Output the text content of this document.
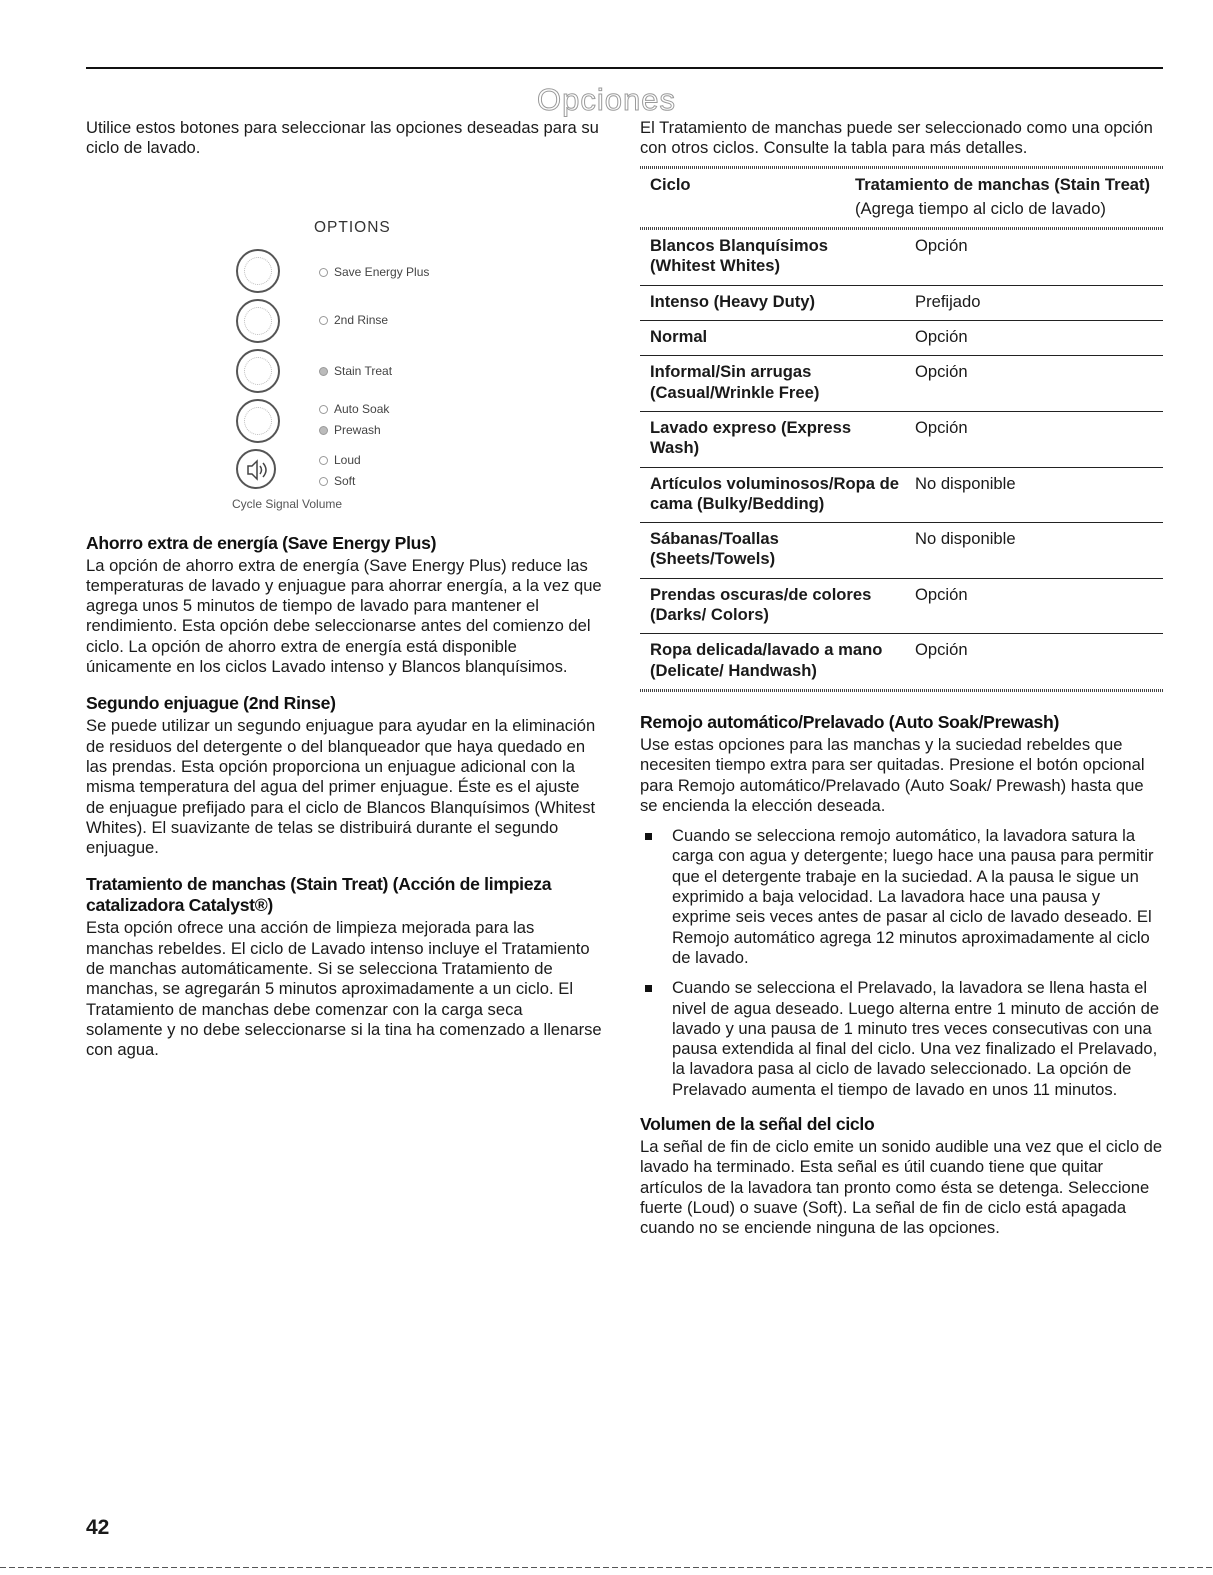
Opciones

Utilice estos botones para seleccionar las opciones deseadas para su ciclo de lavado.

OPTIONS
Save Energy Plus
2nd Rinse
Stain Treat
Auto Soak
Prewash
Loud
Soft
Cycle Signal Volume
Ahorro extra de energía (Save Energy Plus)

La opción de ahorro extra de energía (Save Energy Plus) reduce las temperaturas de lavado y enjuague para ahorrar energía, a la vez que agrega unos 5 minutos de tiempo de lavado para mantener el rendimiento. Esta opción debe seleccionarse antes del comienzo del ciclo. La opción de ahorro extra de energía está disponible únicamente en los ciclos Lavado intenso y Blancos blanquísimos.

Segundo enjuague (2nd Rinse)

Se puede utilizar un segundo enjuague para ayudar en la eliminación de residuos del detergente o del blanqueador que haya quedado en las prendas. Esta opción proporciona un enjuague adicional con la misma temperatura del agua del primer enjuague. Éste es el ajuste de enjuague prefijado para el ciclo de Blancos Blanquísimos (Whitest Whites). El suavizante de telas se distribuirá durante el segundo enjuague.

Tratamiento de manchas (Stain Treat) (Acción de limpieza catalizadora Catalyst®)

Esta opción ofrece una acción de limpieza mejorada para las manchas rebeldes. El ciclo de Lavado intenso incluye el Tratamiento de manchas automáticamente. Si se selecciona Tratamiento de manchas, se agregarán 5 minutos aproximadamente a un ciclo. El Tratamiento de manchas debe comenzar con la carga seca solamente y no debe seleccionarse si la tina ha comenzado a llenarse con agua.

El Tratamiento de manchas puede ser seleccionado como una opción con otros ciclos. Consulte la tabla para más detalles.

Ciclo	Tratamiento de manchas (Stain Treat)
(Agrega tiempo al ciclo de lavado)
Blancos Blanquísimos (Whitest Whites)	Opción
Intenso (Heavy Duty)	Prefijado
Normal	Opción
Informal/Sin arrugas (Casual/Wrinkle Free)	Opción
Lavado expreso (Express Wash)	Opción
Artículos voluminosos/Ropa de cama (Bulky/Bedding)	No disponible
Sábanas/Toallas (Sheets/Towels)	No disponible
Prendas oscuras/de colores (Darks/ Colors)	Opción
Ropa delicada/lavado a mano (Delicate/ Handwash)	Opción
Remojo automático/Prelavado (Auto Soak/Prewash)

Use estas opciones para las manchas y la suciedad rebeldes que necesiten tiempo extra para ser quitadas. Presione el botón opcional para Remojo automático/Prelavado (Auto Soak/ Prewash) hasta que se encienda la elección deseada.

Cuando se selecciona remojo automático, la lavadora satura la carga con agua y detergente; luego hace una pausa para permitir que el detergente trabaje en la suciedad. A la pausa le sigue un exprimido a baja velocidad. La lavadora hace una pausa y exprime seis veces antes de pasar al ciclo de lavado deseado. El Remojo automático agrega 12 minutos aproximadamente al ciclo de lavado.
Cuando se selecciona el Prelavado, la lavadora se llena hasta el nivel de agua deseado. Luego alterna entre 1 minuto de acción de lavado y una pausa de 1 minuto tres veces consecutivas con una pausa extendida al final del ciclo. Una vez finalizado el Prelavado, la lavadora pasa al ciclo de lavado seleccionado. La opción de Prelavado aumenta el tiempo de lavado en unos 11 minutos.
Volumen de la señal del ciclo

La señal de fin de ciclo emite un sonido audible una vez que el ciclo de lavado ha terminado. Esta señal es útil cuando tiene que quitar artículos de la lavadora tan pronto como ésta se detenga. Seleccione fuerte (Loud) o suave (Soft). La señal de fin de ciclo está apagada cuando no se enciende ninguna de las opciones.

42
